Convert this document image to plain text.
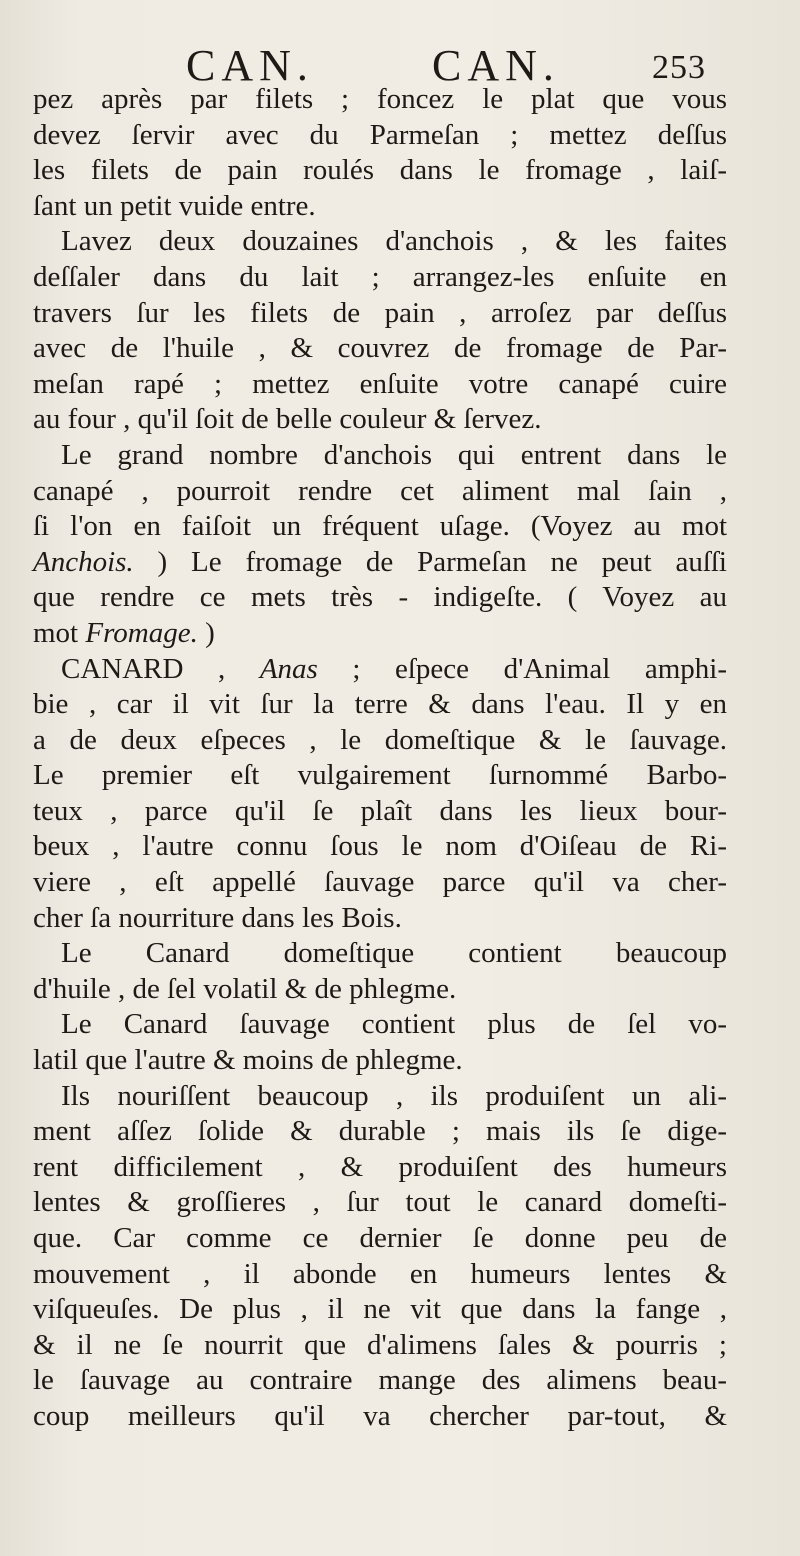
CAN.	CAN.	253
pez après par filets ; foncez le plat que vous
devez ſervir avec du Parmeſan ; mettez deſſus
les filets de pain roulés dans le fromage , laiſ-
ſant un petit vuide entre.
Lavez deux douzaines d'anchois , & les faites
deſſaler dans du lait ; arrangez-les enſuite en
travers ſur les filets de pain , arroſez par deſſus
avec de l'huile , & couvrez de fromage de Par-
meſan rapé ; mettez enſuite votre canapé cuire
au four , qu'il ſoit de belle couleur & ſervez.
Le grand nombre d'anchois qui entrent dans le
canapé , pourroit rendre cet aliment mal ſain ,
ſi l'on en faiſoit un fréquent uſage. (Voyez au mot
Anchois. ) Le fromage de Parmeſan ne peut auſſi
que rendre ce mets très - indigeſte. ( Voyez au
mot Fromage. )
CANARD , Anas ; eſpece d'Animal amphi-
bie , car il vit ſur la terre & dans l'eau. Il y en
a de deux eſpeces , le domeſtique & le ſauvage.
Le premier eſt vulgairement ſurnommé Barbo-
teux , parce qu'il ſe plaît dans les lieux bour-
beux , l'autre connu ſous le nom d'Oiſeau de Ri-
viere , eſt appellé ſauvage parce qu'il va cher-
cher ſa nourriture dans les Bois.
Le Canard domeſtique contient beaucoup
d'huile , de ſel volatil & de phlegme.
Le Canard ſauvage contient plus de ſel vo-
latil que l'autre & moins de phlegme.
Ils nouriſſent beaucoup , ils produiſent un ali-
ment aſſez ſolide & durable ; mais ils ſe dige-
rent difficilement , & produiſent des humeurs
lentes & groſſieres , ſur tout le canard domeſti-
que. Car comme ce dernier ſe donne peu de
mouvement , il abonde en humeurs lentes &
viſqueuſes. De plus , il ne vit que dans la fange ,
& il ne ſe nourrit que d'alimens ſales & pourris ;
le ſauvage au contraire mange des alimens beau-
coup meilleurs qu'il va chercher par-tout, &
